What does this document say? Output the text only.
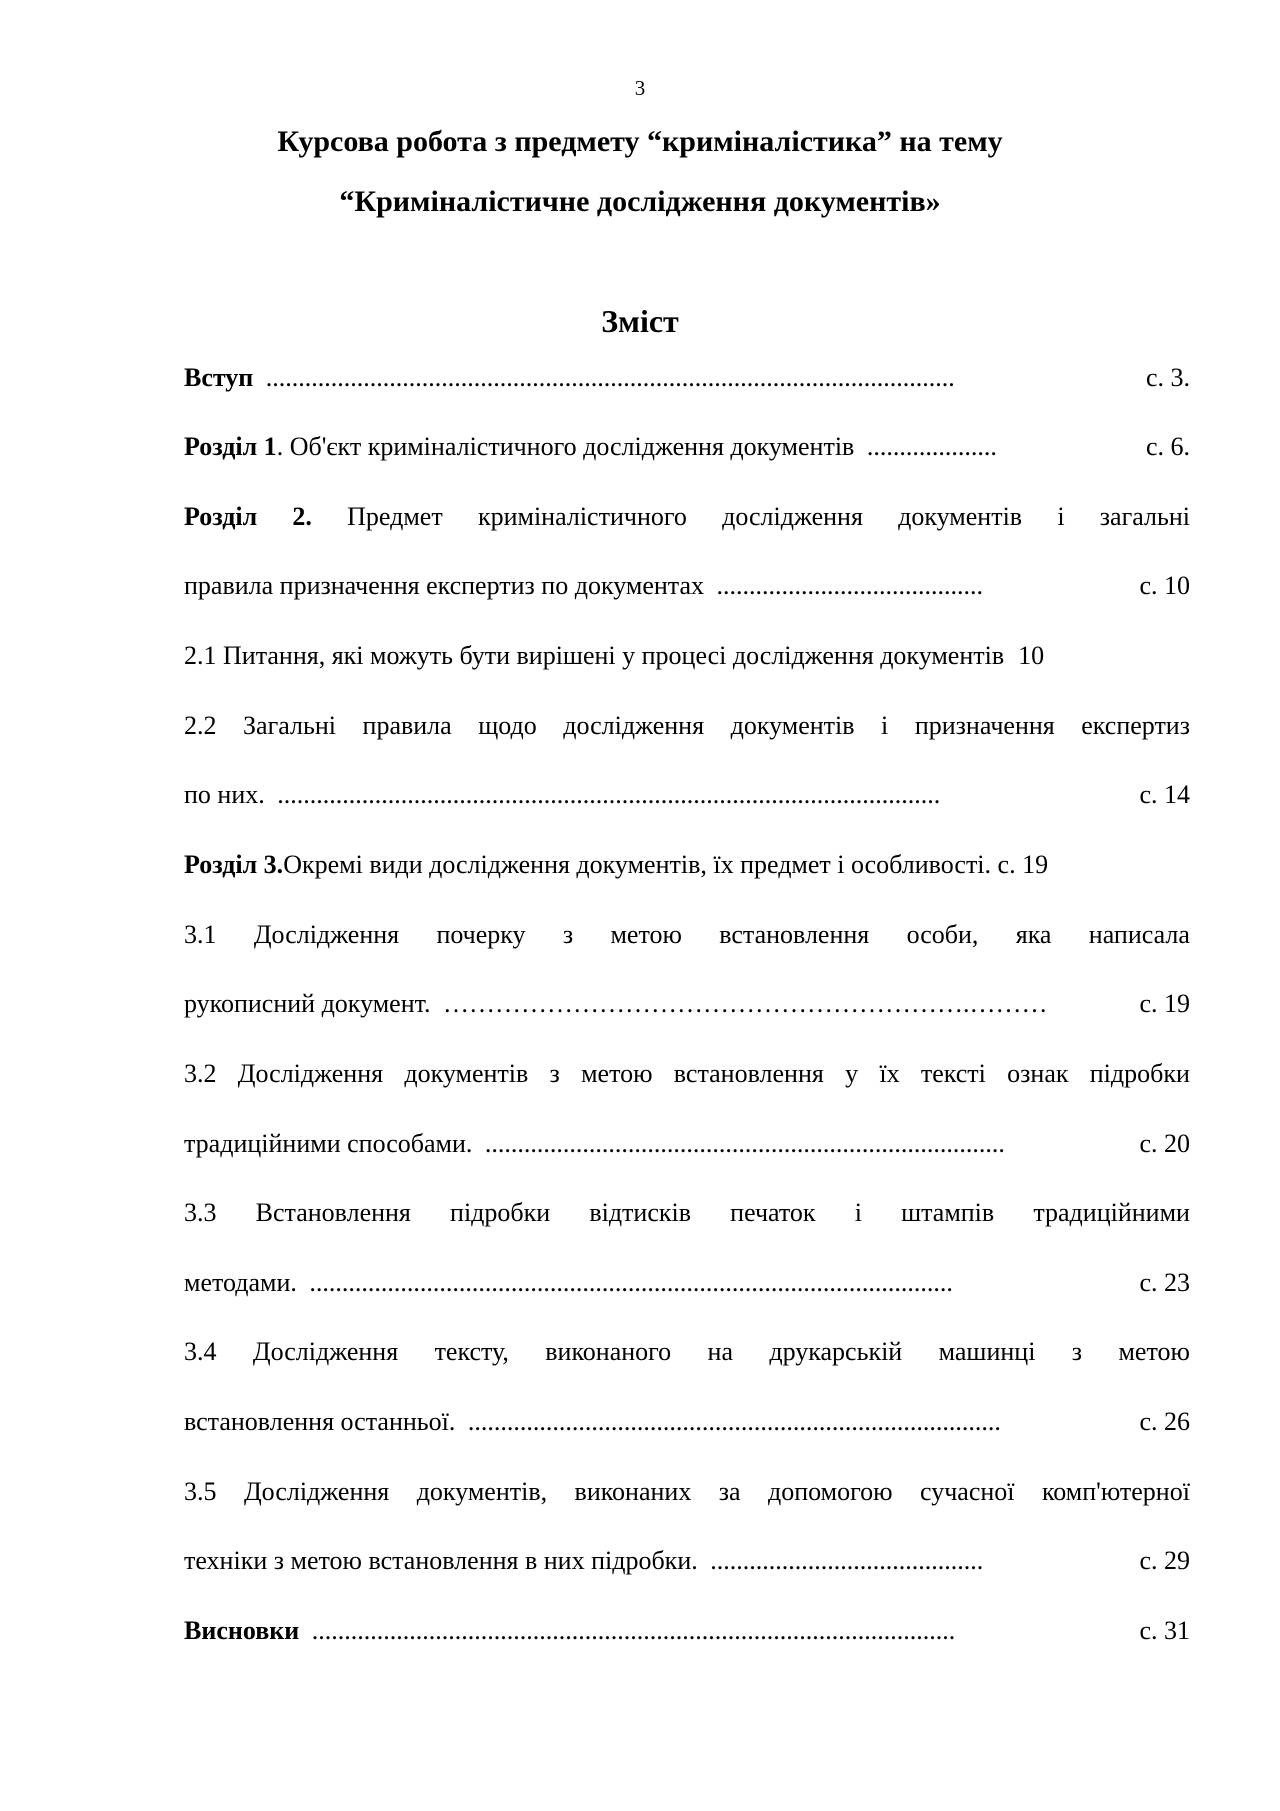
3
Курсова робота з предмету “криміналістика” на тему
“Криміналістичне дослідження документів»
Зміст
Вступ ..........................................................................................................	с. 3.
Розділ 1. Об'єкт криміналістичного дослідження документів ....................	с. 6.
Розділ 2. Предмет криміналістичного дослідження документів і загальні
правила призначення експертиз по документах .........................................	с. 10
2.1 Питання, які можуть бути вирішені у процесі дослідження документів 10
2.2 Загальні правила щодо дослідження документів і призначення експертиз
по них. ......................................................................................................	с. 14
Розділ 3.Окремі види дослідження документів, їх предмет і особливості. с. 19
3.1 Дослідження почерку з метою встановлення особи, яка написала
рукописний документ. …………………………………………………….………	с. 19
3.2 Дослідження документів з метою встановлення у їх тексті ознак підробки
традиційними способами. ................................................................................	с. 20
3.3 Встановлення підробки відтисків печаток і штампів традиційними
методами. ...................................................................................................	с. 23
3.4 Дослідження тексту, виконаного на друкарській машинці з метою
встановлення останньої. ..................................................................................	с. 26
3.5 Дослідження документів, виконаних за допомогою сучасної комп'ютерної
техніки з метою встановлення в них підробки. ..........................................	с. 29
Висновки ...................................................................................................	с. 31
